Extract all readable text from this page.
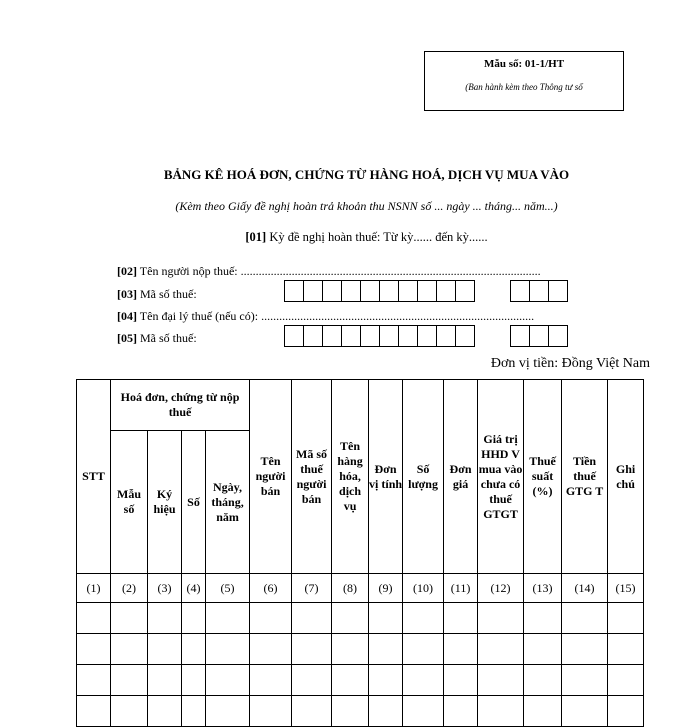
Mẫu số: 01-1/HT
(Ban hành kèm theo Thông tư số
BẢNG KÊ HOÁ ĐƠN, CHỨNG TỪ HÀNG HOÁ, DỊCH VỤ MUA VÀO
(Kèm theo Giấy đề nghị hoàn trả khoản thu NSNN số ... ngày ... tháng... năm...)
[01] Kỳ đề nghị hoàn thuế: Từ kỳ...... đến kỳ......
[02] Tên người nộp thuế: ....................................................................................................
[03] Mã số thuế:
[04] Tên đại lý thuế (nếu có): ...........................................................................................
[05] Mã số thuế:
Đơn vị tiền: Đồng Việt Nam
STT	Hoá đơn, chứng từ nộp thuế				Tên người bán	Mã số thuế người bán	Tên hàng hóa, dịch vụ	Đơn vị tính	Số lượng	Đơn giá	Giá trị HHD V mua vào chưa có thuế GTGT	Thuế suất (%)	Tiền thuế GTG T	Ghi chú
	Mẫu số	Ký hiệu	Số	Ngày, tháng, năm										
(1)	(2)	(3)	(4)	(5)	(6)	(7)	(8)	(9)	(10)	(11)	(12)	(13)	(14)	(15)
